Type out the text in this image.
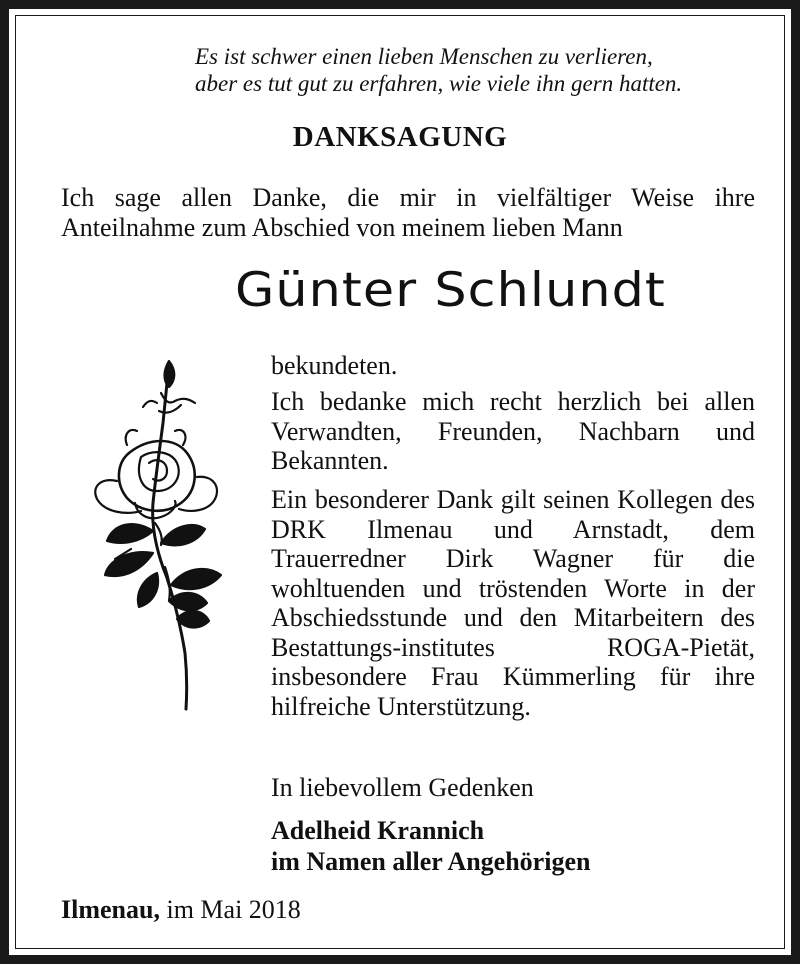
Es ist schwer einen lieben Menschen zu verlieren,
aber es tut gut zu erfahren, wie viele ihn gern hatten.
DANKSAGUNG
Ich sage allen Danke, die mir in vielfältiger Weise ihre Anteilnahme zum Abschied von meinem lieben Mann
Günter Schlundt

bekundeten.

Ich bedanke mich recht herzlich bei allen Verwandten, Freunden, Nachbarn und Bekannten.

Ein besonderer Dank gilt seinen Kollegen des DRK Ilmenau und Arnstadt, dem Trauerredner Dirk Wagner für die wohltuenden und tröstenden Worte in der Abschiedsstunde und den Mitarbeitern des Bestattungs-institutes ROGA-Pietät, insbesondere Frau Kümmerling für ihre hilfreiche Unterstützung.

In liebevollem Gedenken
Adelheid Krannich
im Namen aller Angehörigen
Ilmenau, im Mai 2018
